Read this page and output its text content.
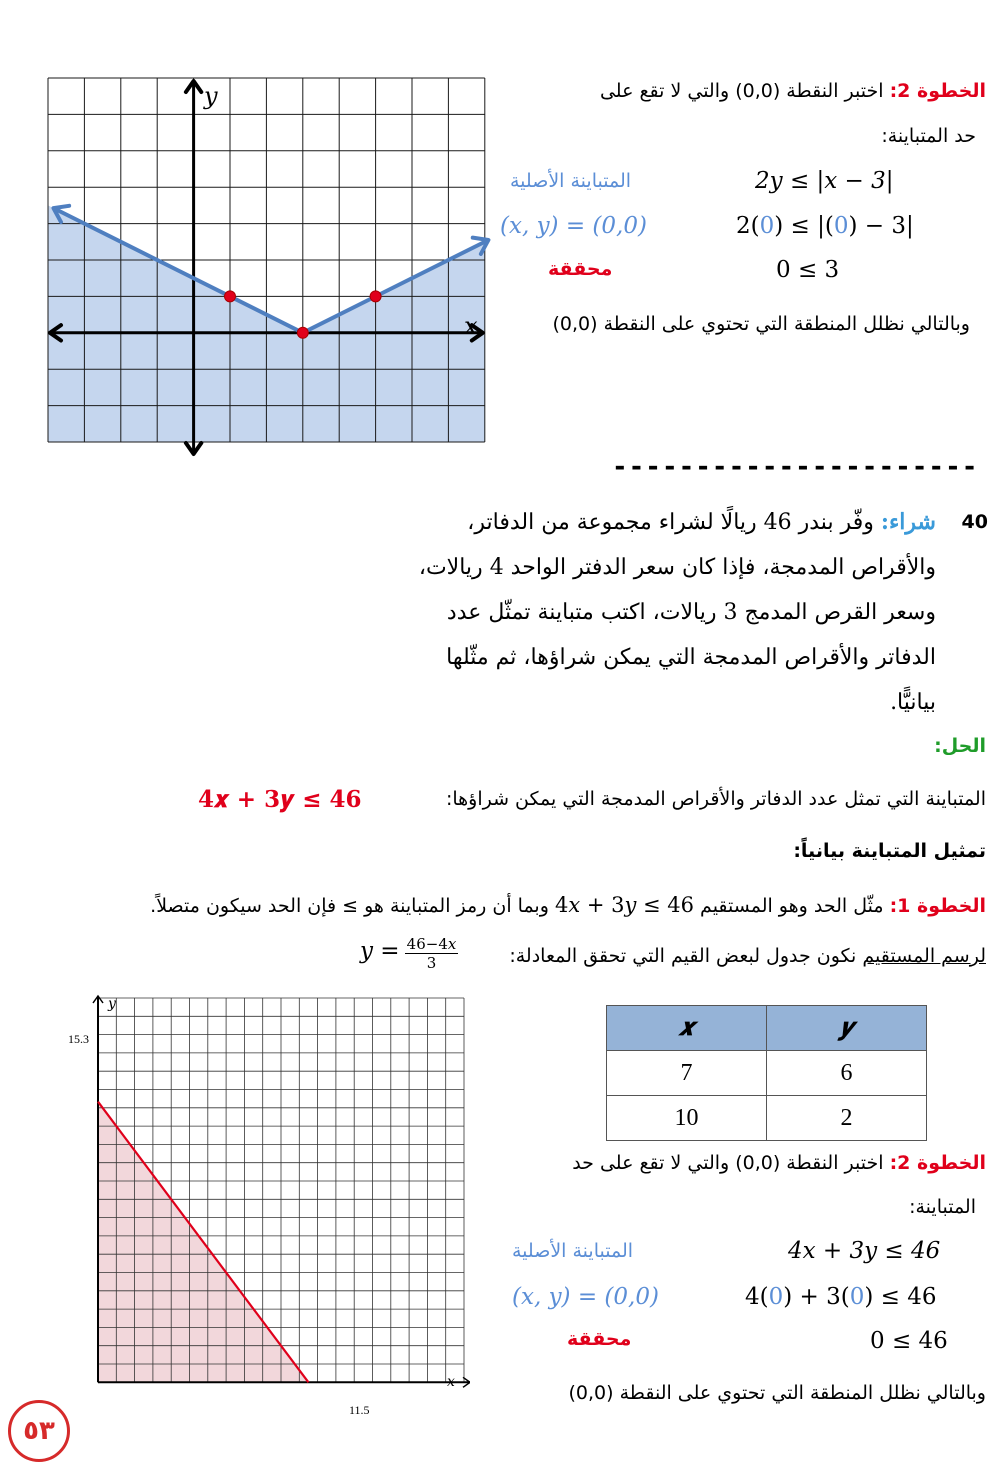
y
x
الخطوة 2: اختبر النقطة (0,0) والتي لا تقع على
حد المتباينة:
2𝑦 ≤ |𝑥 − 3|
المتباينة الأصلية
2(0) ≤ |(0) − 3|
(𝑥, 𝑦) = (0,0)
0 ≤ 3
محققة
وبالتالي نظلل المنطقة التي تحتوي على النقطة (0,0)
----------------------
40
شراء: وفّر بندر 46 ريالًا لشراء مجموعة من الدفاتر،
والأقراص المدمجة، فإذا كان سعر الدفتر الواحد 4 ريالات،
وسعر القرص المدمج 3 ريالات، اكتب متباينة تمثّل عدد
الدفاتر والأقراص المدمجة التي يمكن شراؤها، ثم مثّلها
بيانيًّا.
الحل:
المتباينة التي تمثل عدد الدفاتر والأقراص المدمجة التي يمكن شراؤها:
4𝒙 + 3𝒚 ≤ 46
تمثيل المتباينة بيانياً:
الخطوة 1: مثّل الحد وهو المستقيم 4𝑥 + 3𝑦 ≤ 46 وبما أن رمز المتباينة هو ≥ فإن الحد سيكون متصلاً.
لرسم المستقيم نكون جدول لبعض القيم التي تحقق المعادلة:
𝑦 = $\frac{\text{46−4𝑥}}{3}$
𝒙	𝒚
7	6
10	2
الخطوة 2: اختبر النقطة (0,0) والتي لا تقع على حد
المتباينة:
4𝑥 + 3𝑦 ≤ 46
المتباينة الأصلية
4(0) + 3(0) ≤ 46
(𝑥, 𝑦) = (0,0)
0 ≤ 46
محققة
وبالتالي نظلل المنطقة التي تحتوي على النقطة (0,0)
y
x
15.3
11.5
٥٣
